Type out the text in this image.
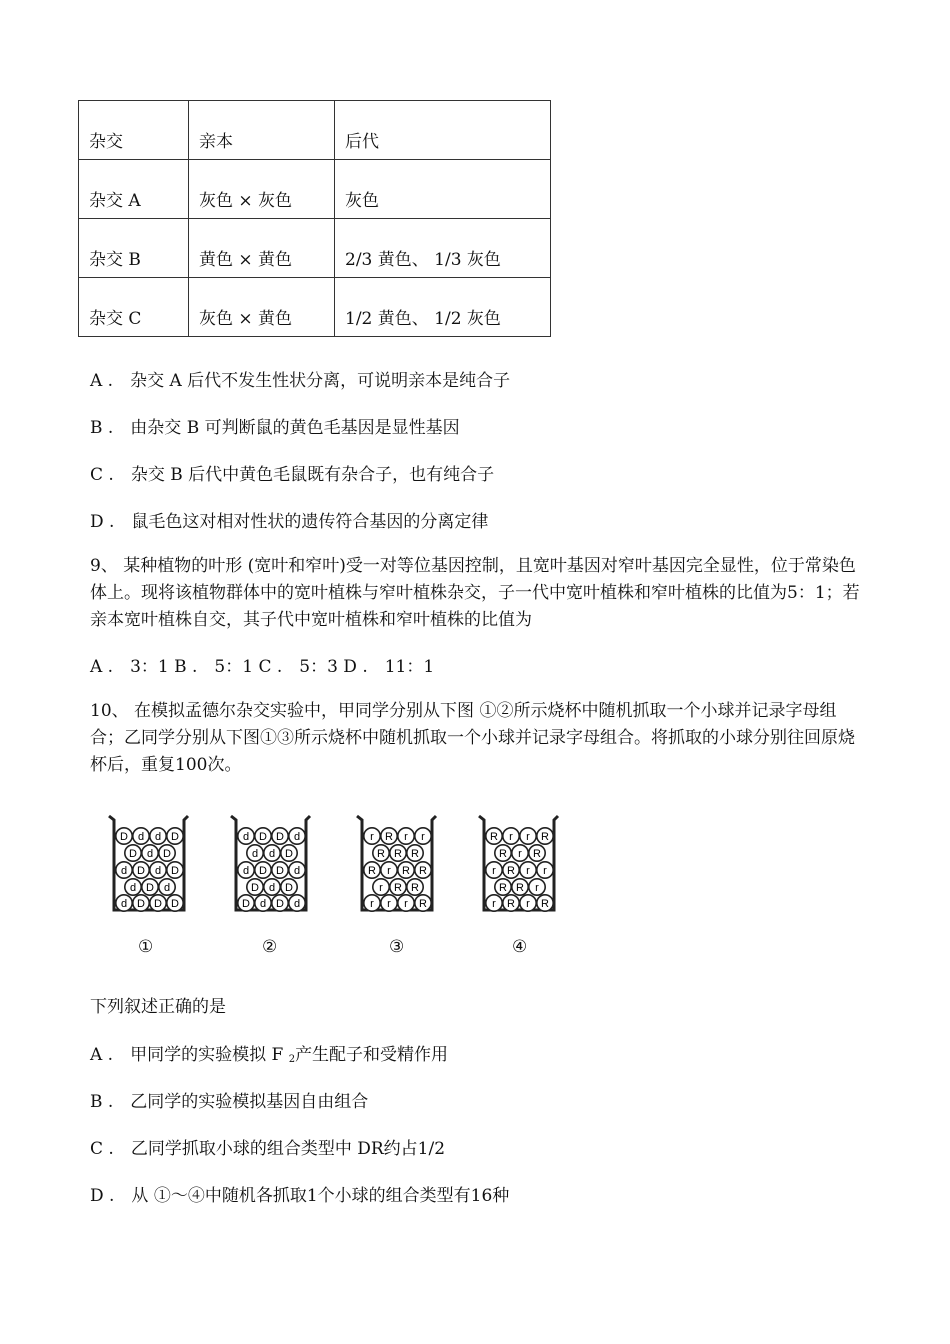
杂交	亲本	后代
杂交 A	灰色 × 灰色	灰色
杂交 B	黄色 × 黄色	2/3 黄色、 1/3 灰色
杂交 C	灰色 × 黄色	1/2 黄色、 1/2 灰色
A .　杂交 A 后代不发生性状分离，可说明亲本是纯合子
B .　由杂交 B 可判断鼠的黄色毛基因是显性基因
C .　杂交 B 后代中黄色毛鼠既有杂合子，也有纯合子
D .　鼠毛色这对相对性状的遗传符合基因的分离定律
9、 某种植物的叶形 (宽叶和窄叶)受一对等位基因控制，且宽叶基因对窄叶基因完全显性，位于常染色体上。现将该植物群体中的宽叶植株与窄叶植株杂交，子一代中宽叶植株和窄叶植株的比值为5：1；若亲本宽叶植株自交，其子代中宽叶植株和窄叶植株的比值为
A .　3：1 B .　5：1 C .　5：3 D .　11：1
10、 在模拟孟德尔杂交实验中，甲同学分别从下图 ①②所示烧杯中随机抓取一个小球并记录字母组合；乙同学分别从下图①③所示烧杯中随机抓取一个小球并记录字母组合。将抓取的小球分别往回原烧杯后，重复100次。
D d d D
D d D
d D d D
d D d
d D D D
①
d D D d
d d D
d D D d
D d D
D d D d
②
r R r r
R R R
R r R R
r R R
r r r R
③
R r r R
R r R
r R r r
R R r
r R r R
④
下列叙述正确的是
A .　甲同学的实验模拟 F $_2$产生配子和受精作用
B .　乙同学的实验模拟基因自由组合
C .　乙同学抓取小球的组合类型中 DR约占1/2
D .　从 ①～④中随机各抓取1个小球的组合类型有16种
